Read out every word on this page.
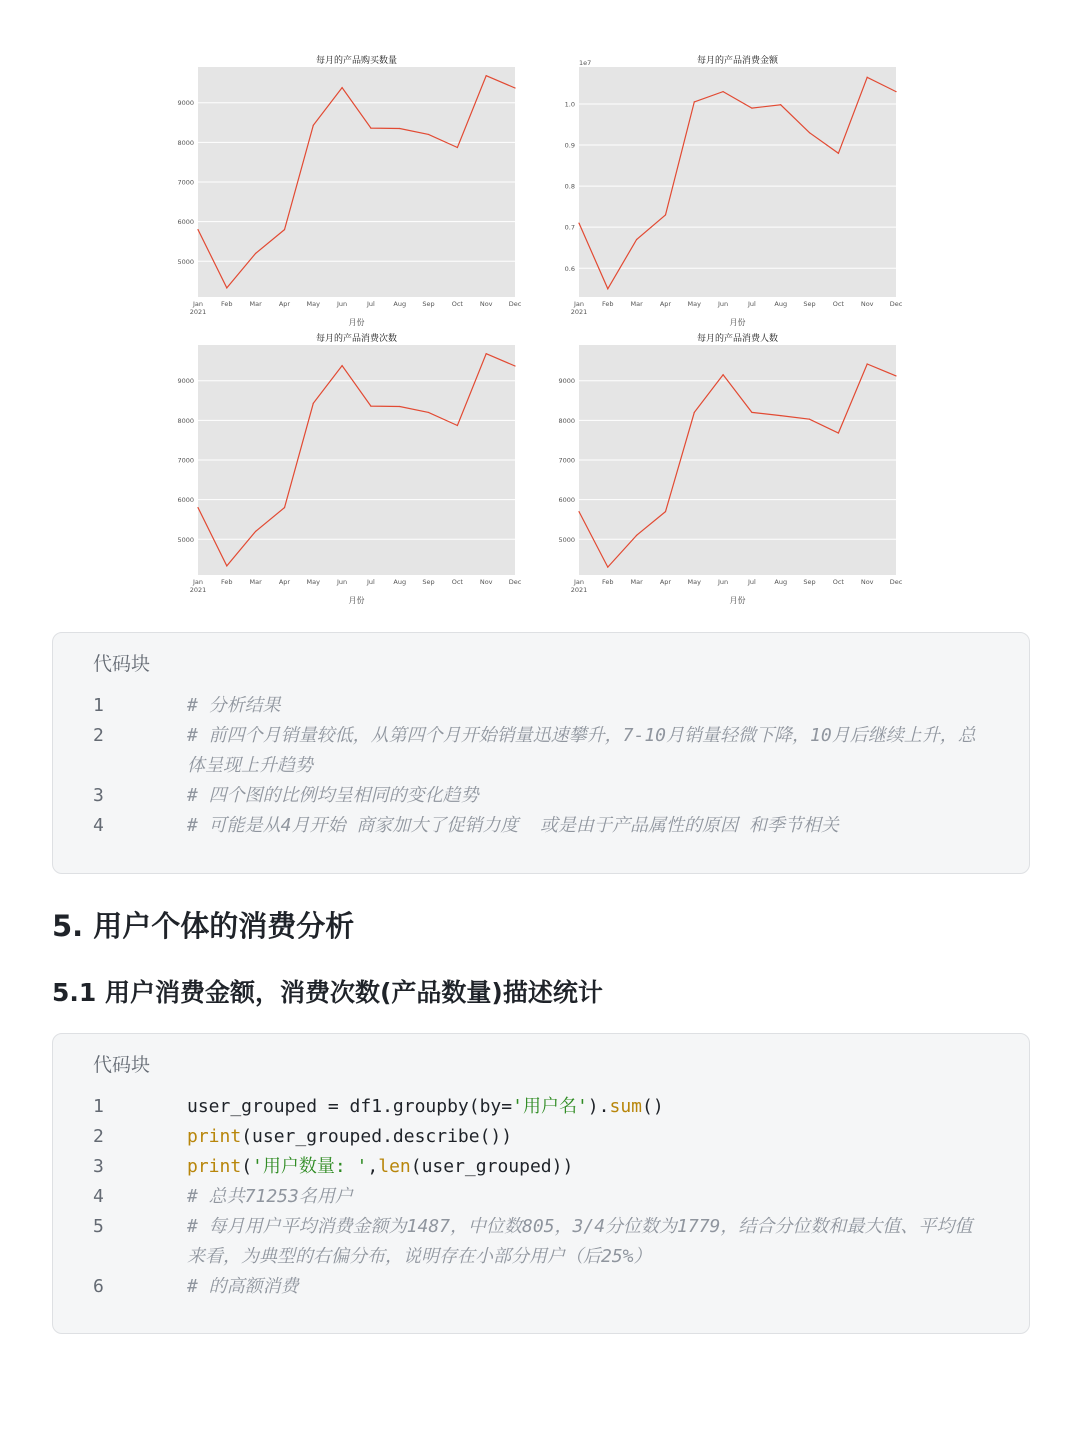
每月的产品购买数量
5000
6000
7000
8000
9000
Jan	Feb	Mar	Apr	May	Jun	Jul	Aug	Sep	Oct	Nov Dec
2021
月份
每月的产品消费金额
1e7
0.6
0.7
0.8
0.9
1.0
Jan	Feb	Mar	Apr	May	Jun	Jul	Aug	Sep	Oct	Nov Dec
2021
月份
每月的产品消费次数
5000
6000
7000
8000
9000
Jan	Feb	Mar	Apr	May	Jun	Jul	Aug	Sep	Oct	Nov Dec
2021
月份
每月的产品消费人数
5000
6000
7000
8000
9000
Jan	Feb	Mar	Apr	May	Jun	Jul	Aug	Sep	Oct	Nov Dec
2021
月份
代码块
1	# 分析结果
2	# 前四个月销量较低，从第四个月开始销量迅速攀升，7-10月销量轻微下降，10月后继续上升，总体呈现上升趋势
3	# 四个图的比例均呈相同的变化趋势
4	# 可能是从4月开始 商家加大了促销力度  或是由于产品属性的原因 和季节相关
5. 用户个体的消费分析
5.1 用户消费金额，消费次数(产品数量)描述统计
代码块
1	user_grouped = df1.groupby(by='用户名').sum()
2	print(user_grouped.describe())
3	print('用户数量: ',len(user_grouped))
4	# 总共71253名用户
5	# 每月用户平均消费金额为1487，中位数805，3/4分位数为1779，结合分位数和最大值、平均值来看，为典型的右偏分布，说明存在小部分用户（后25%）
6	# 的高额消费
